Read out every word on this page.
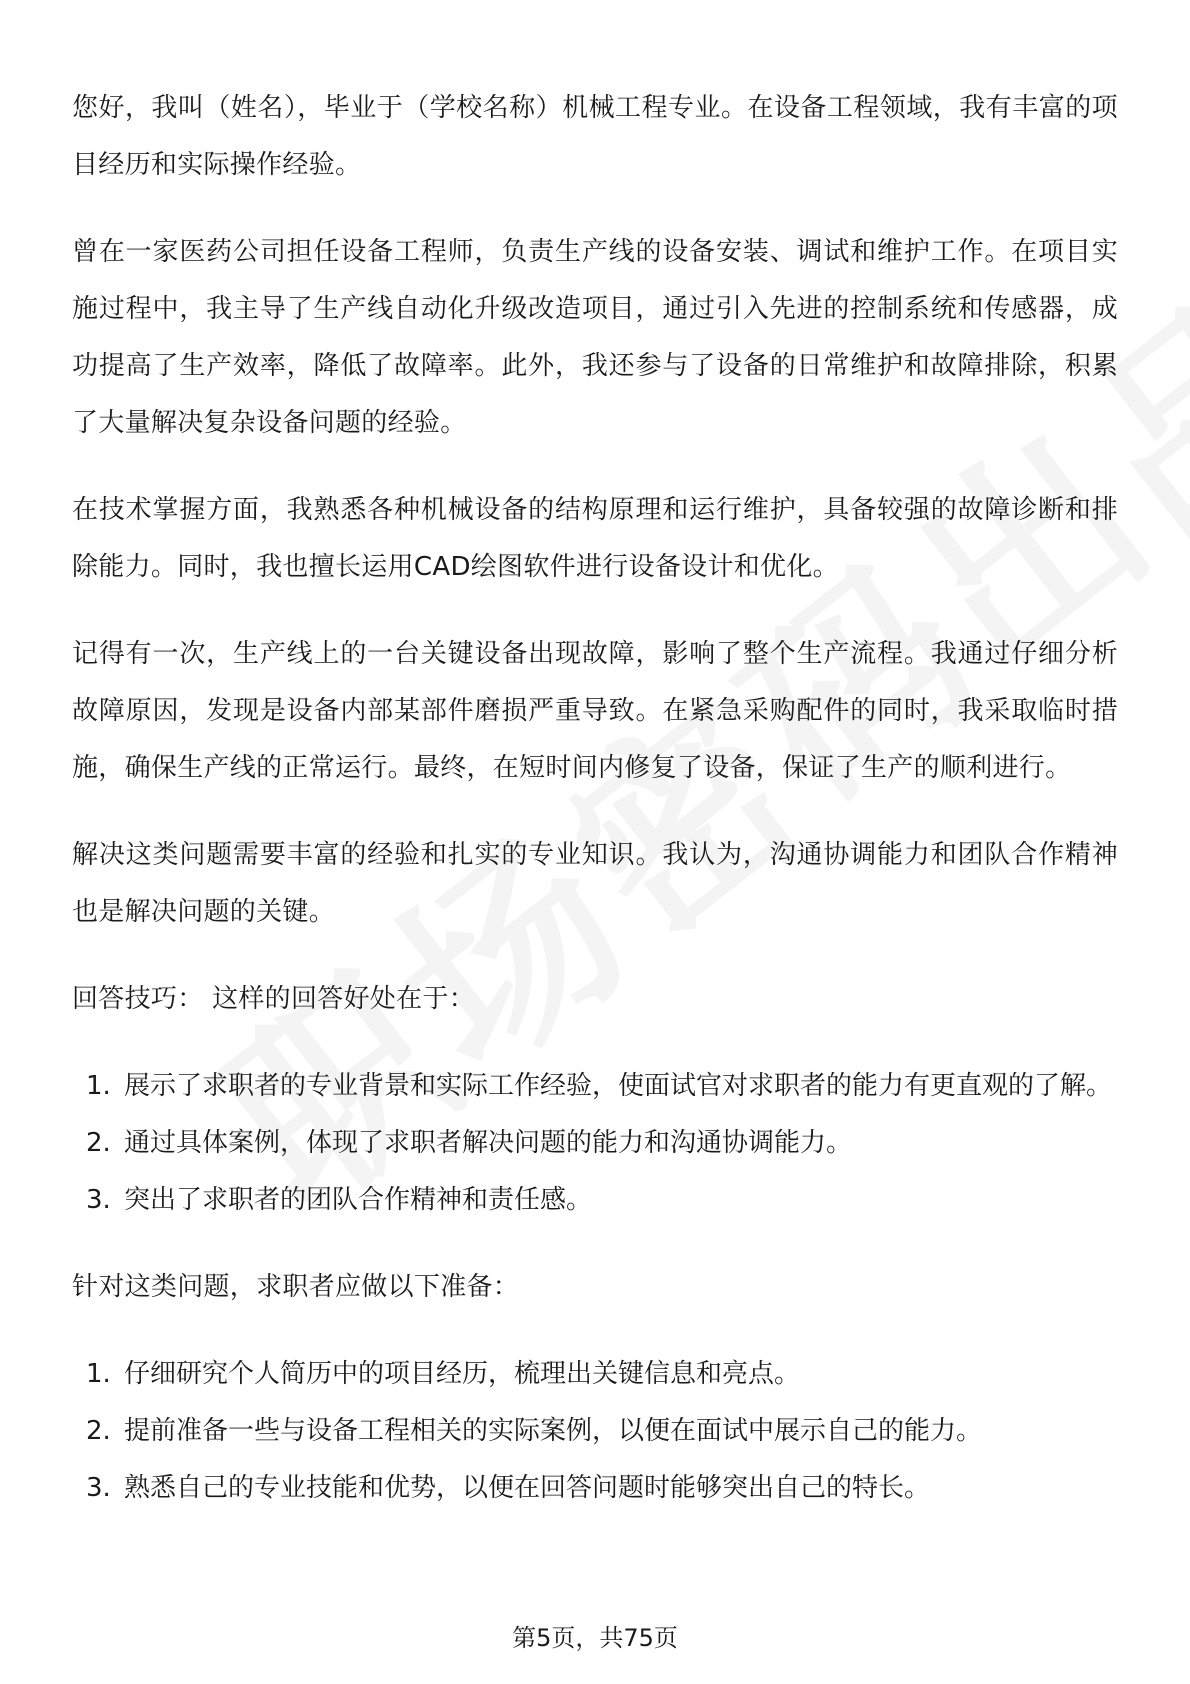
您好，我叫（姓名），毕业于（学校名称）机械工程专业。在设备工程领域，我有丰富的项目经历和实际操作经验。

曾在一家医药公司担任设备工程师，负责生产线的设备安装、调试和维护工作。在项目实施过程中，我主导了生产线自动化升级改造项目，通过引入先进的控制系统和传感器，成功提高了生产效率，降低了故障率。此外，我还参与了设备的日常维护和故障排除，积累了大量解决复杂设备问题的经验。

在技术掌握方面，我熟悉各种机械设备的结构原理和运行维护，具备较强的故障诊断和排除能力。同时，我也擅长运用CAD绘图软件进行设备设计和优化。

记得有一次，生产线上的一台关键设备出现故障，影响了整个生产流程。我通过仔细分析故障原因，发现是设备内部某部件磨损严重导致。在紧急采购配件的同时，我采取临时措施，确保生产线的正常运行。最终，在短时间内修复了设备，保证了生产的顺利进行。

解决这类问题需要丰富的经验和扎实的专业知识。我认为，沟通协调能力和团队合作精神也是解决问题的关键。

回答技巧： 这样的回答好处在于：

1. 展示了求职者的专业背景和实际工作经验，使面试官对求职者的能力有更直观的了解。
2. 通过具体案例，体现了求职者解决问题的能力和沟通协调能力。
3. 突出了求职者的团队合作精神和责任感。

针对这类问题，求职者应做以下准备：

1. 仔细研究个人简历中的项目经历，梳理出关键信息和亮点。
2. 提前准备一些与设备工程相关的实际案例，以便在面试中展示自己的能力。
3. 熟悉自己的专业技能和优势，以便在回答问题时能够突出自己的特长。
第5页，共75页
